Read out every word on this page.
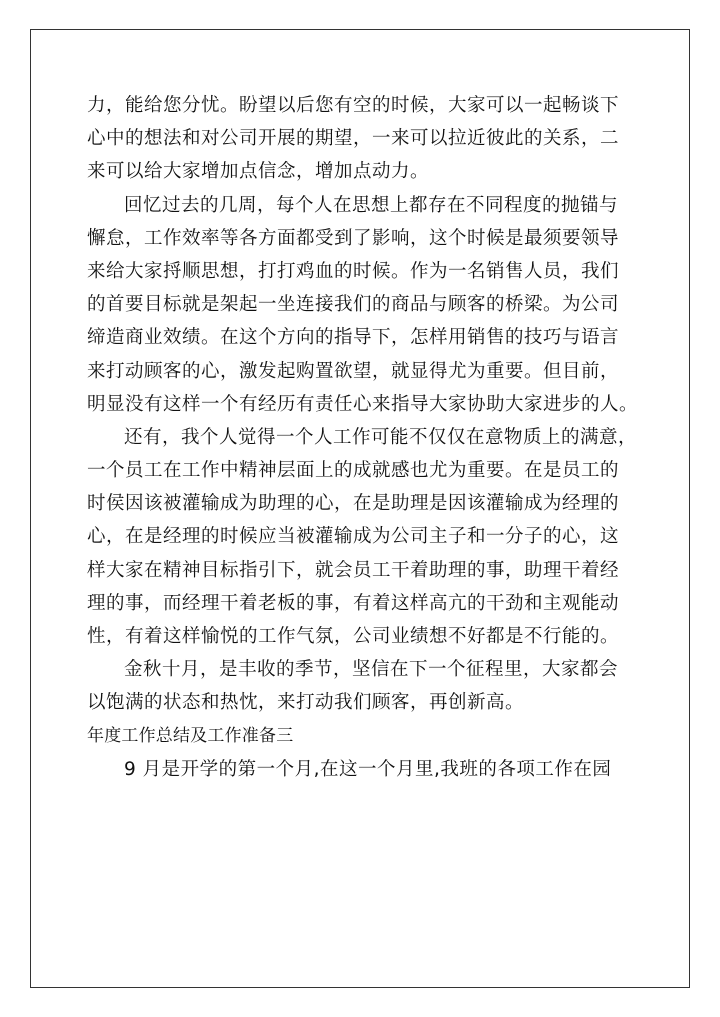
力，能给您分忧。盼望以后您有空的时候，大家可以一起畅谈下
心中的想法和对公司开展的期望，一来可以拉近彼此的关系，二
来可以给大家增加点信念，增加点动力。
回忆过去的几周，每个人在思想上都存在不同程度的抛锚与
懈怠，工作效率等各方面都受到了影响，这个时候是最须要领导
来给大家捋顺思想，打打鸡血的时候。作为一名销售人员，我们
的首要目标就是架起一坐连接我们的商品与顾客的桥梁。为公司
缔造商业效绩。在这个方向的指导下，怎样用销售的技巧与语言
来打动顾客的心，激发起购置欲望，就显得尤为重要。但目前，
明显没有这样一个有经历有责任心来指导大家协助大家进步的人。
还有，我个人觉得一个人工作可能不仅仅在意物质上的满意，
一个员工在工作中精神层面上的成就感也尤为重要。在是员工的
时侯因该被灌输成为助理的心，在是助理是因该灌输成为经理的
心，在是经理的时候应当被灌输成为公司主子和一分子的心，这
样大家在精神目标指引下，就会员工干着助理的事，助理干着经
理的事，而经理干着老板的事，有着这样高亢的干劲和主观能动
性，有着这样愉悦的工作气氛，公司业绩想不好都是不行能的。
金秋十月，是丰收的季节，坚信在下一个征程里，大家都会
以饱满的状态和热忱，来打动我们顾客，再创新高。
年度工作总结及工作准备三
9 月是开学的第一个月,在这一个月里,我班的各项工作在园
